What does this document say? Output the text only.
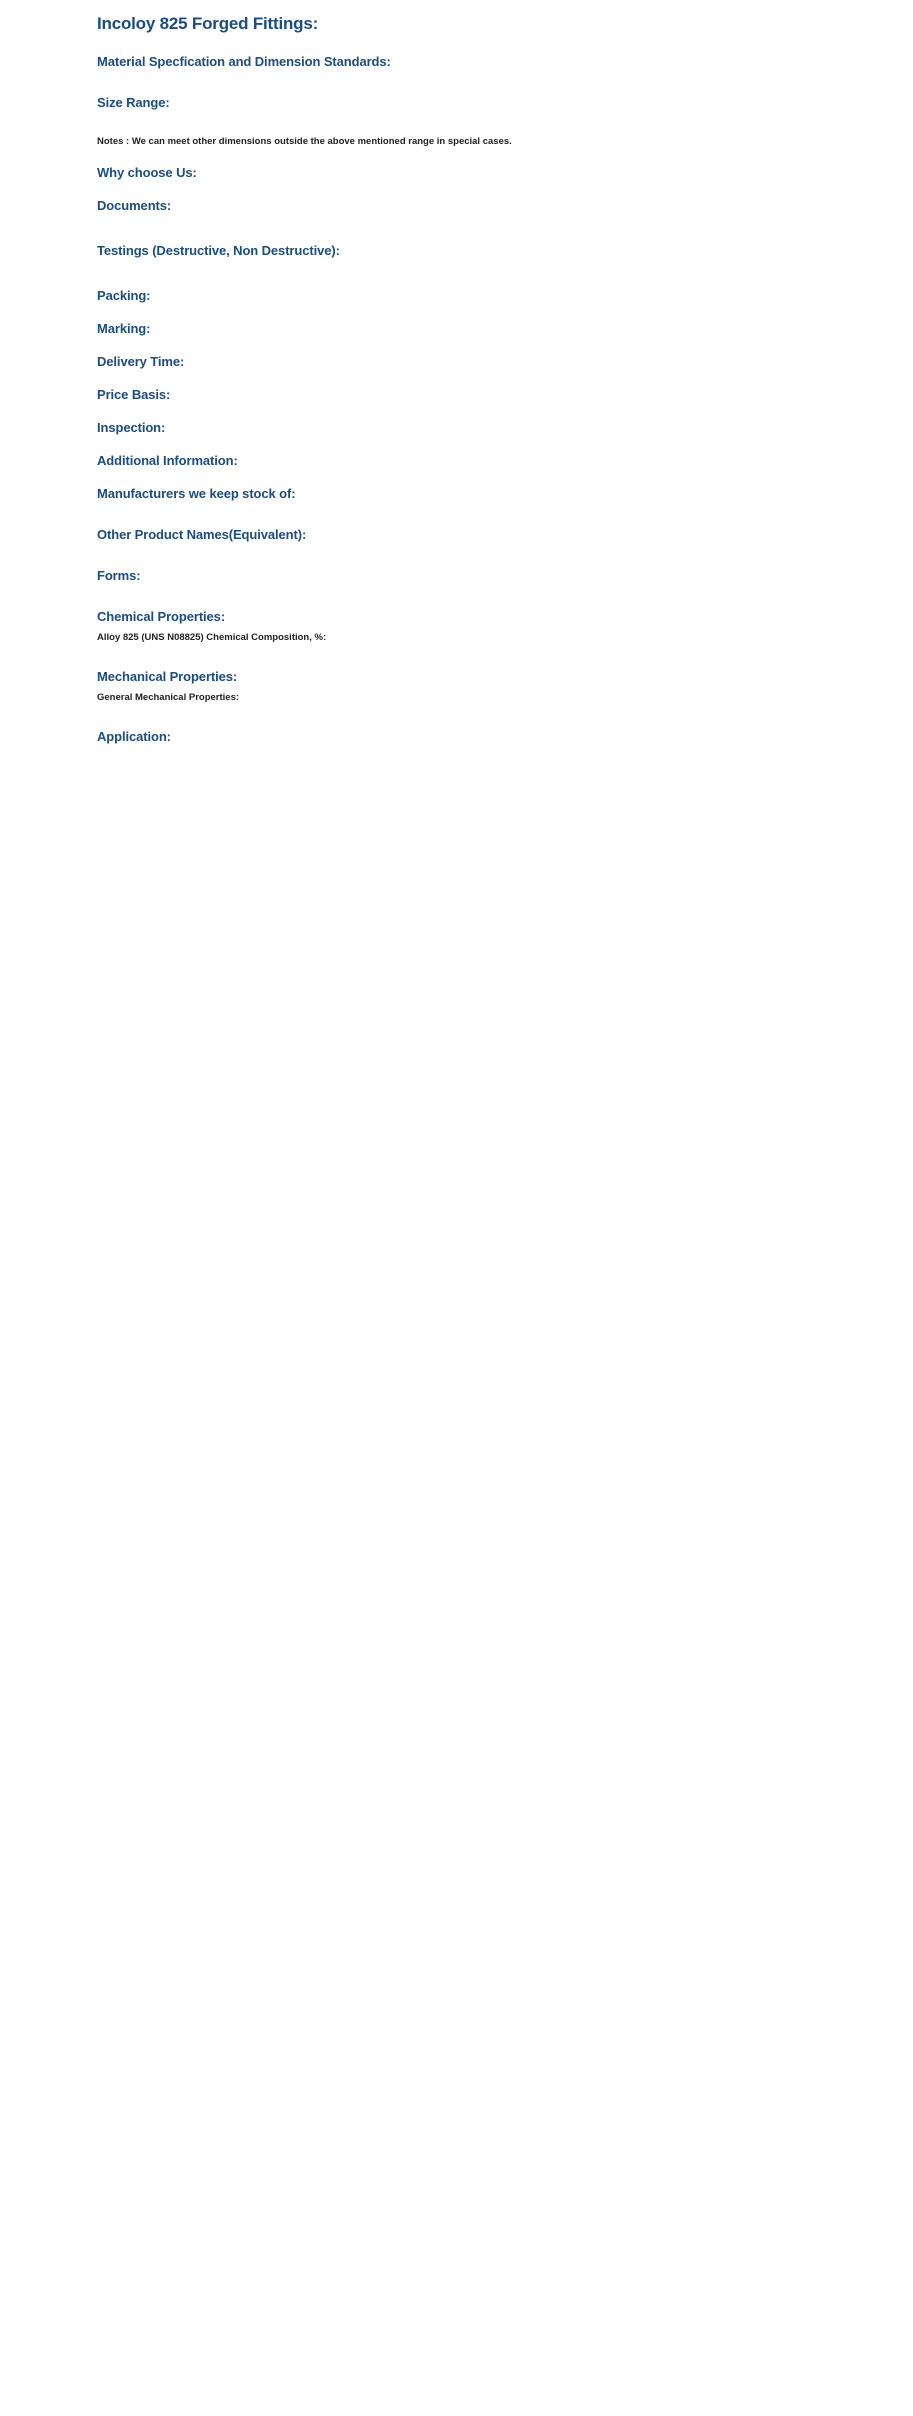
Incoloy 825 Forged Fittings:
Material Specfication and Dimension Standards:
Size Range:

Notes : We can meet other dimensions outside the above mentioned range in special cases.

Why choose Us:
Documents:
Testings (Destructive, Non Destructive):
Packing:
Marking:
Delivery Time:
Price Basis:
Inspection:
Additional Information:
Manufacturers we keep stock of:
Other Product Names(Equivalent):
Forms:
Chemical Properties:

Alloy 825 (UNS N08825) Chemical Composition, %:

Mechanical Properties:

General Mechanical Properties:

Application:
